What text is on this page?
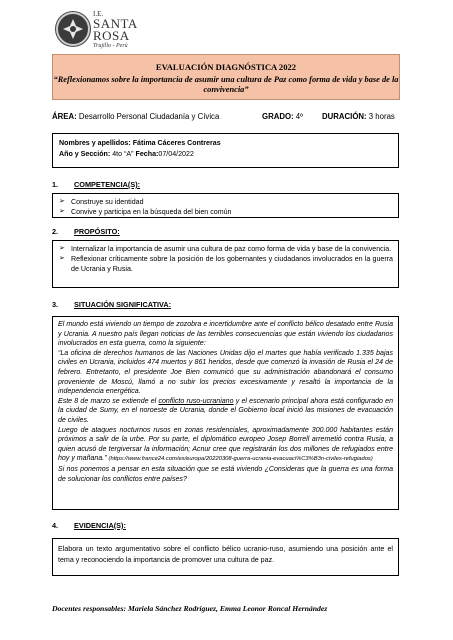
I.E.
SANTA
ROSA
Trujillo - Perú
EVALUACIÓN DIAGNÓSTICA 2022
“Reflexionamos sobre la importancia de asumir una cultura de Paz como forma de vida y base de la convivencia”
ÁREA: Desarrollo Personal Ciudadanía y Cívica	GRADO: 4º DURACIÓN: 3 horas
Nombres y apellidos: Fátima Cáceres Contreras
Año y Sección: 4to “A” Fecha:07/04/2022
1. COMPETENCIA(S):
➢ Construye su identidad
➢ Convive y participa en la búsqueda del bien común
2. PROPÓSITO:
➢ Internalizar la importancia de asumir una cultura de paz como forma de vida y base de la convivencia.
➢ Reflexionar críticamente sobre la posición de los gobernantes y ciudadanos involucrados en la guerra de Ucrania y Rusia.
3. SITUACIÓN SIGNIFICATIVA:

El mundo está viviendo un tiempo de zozobra e incertidumbre ante el conflicto bélico desatado entre Rusia y Ucrania. A nuestro país llegan noticias de las terribles consecuencias que están viviendo los ciudadanos involucrados en esta guerra, como la siguiente:

“La oficina de derechos humanos de las Naciones Unidas dijo el martes que había verificado 1.335 bajas civiles en Ucrania, incluidos 474 muertos y 861 heridos, desde que comenzó la invasión de Rusia el 24 de febrero. Entretanto, el presidente Joe Bien comunicó que su administración abandonará el consumo proveniente de Moscú, llamó a no subir los precios excesivamente y resaltó la importancia de la independencia energética.

Este 8 de marzo se extiende el conflicto ruso-ucraniano y el escenario principal ahora está configurado en la ciudad de Sumy, en el noroeste de Ucrania, donde el Gobierno local inició las misiones de evacuación de civiles.

Luego de ataques nocturnos rusos en zonas residenciales, aproximadamente 300.000 habitantes están próximos a salir de la urbe. Por su parte, el diplomático europeo Josep Borrell arremetió contra Rusia, a quien acusó de tergiversar la información; Acnur cree que registrarán los dos millones de refugiados entre hoy y mañana.” (https://www.france24.com/es/europa/20220308-guerra-ucrania-evacuaci%C3%B3n-civiles-refugiados)

Si nos ponemos a pensar en esta situación que se está viviendo ¿Consideras que la guerra es una forma de solucionar los conflictos entre países?

4. EVIDENCIA(S):
Elabora un texto argumentativo sobre el conflicto bélico ucranio-ruso, asumiendo una posición ante el tema y reconociendo la importancia de promover una cultura de paz.
Docentes responsables: Mariela Sánchez Rodríguez, Emma Leonor Roncal Hernández
